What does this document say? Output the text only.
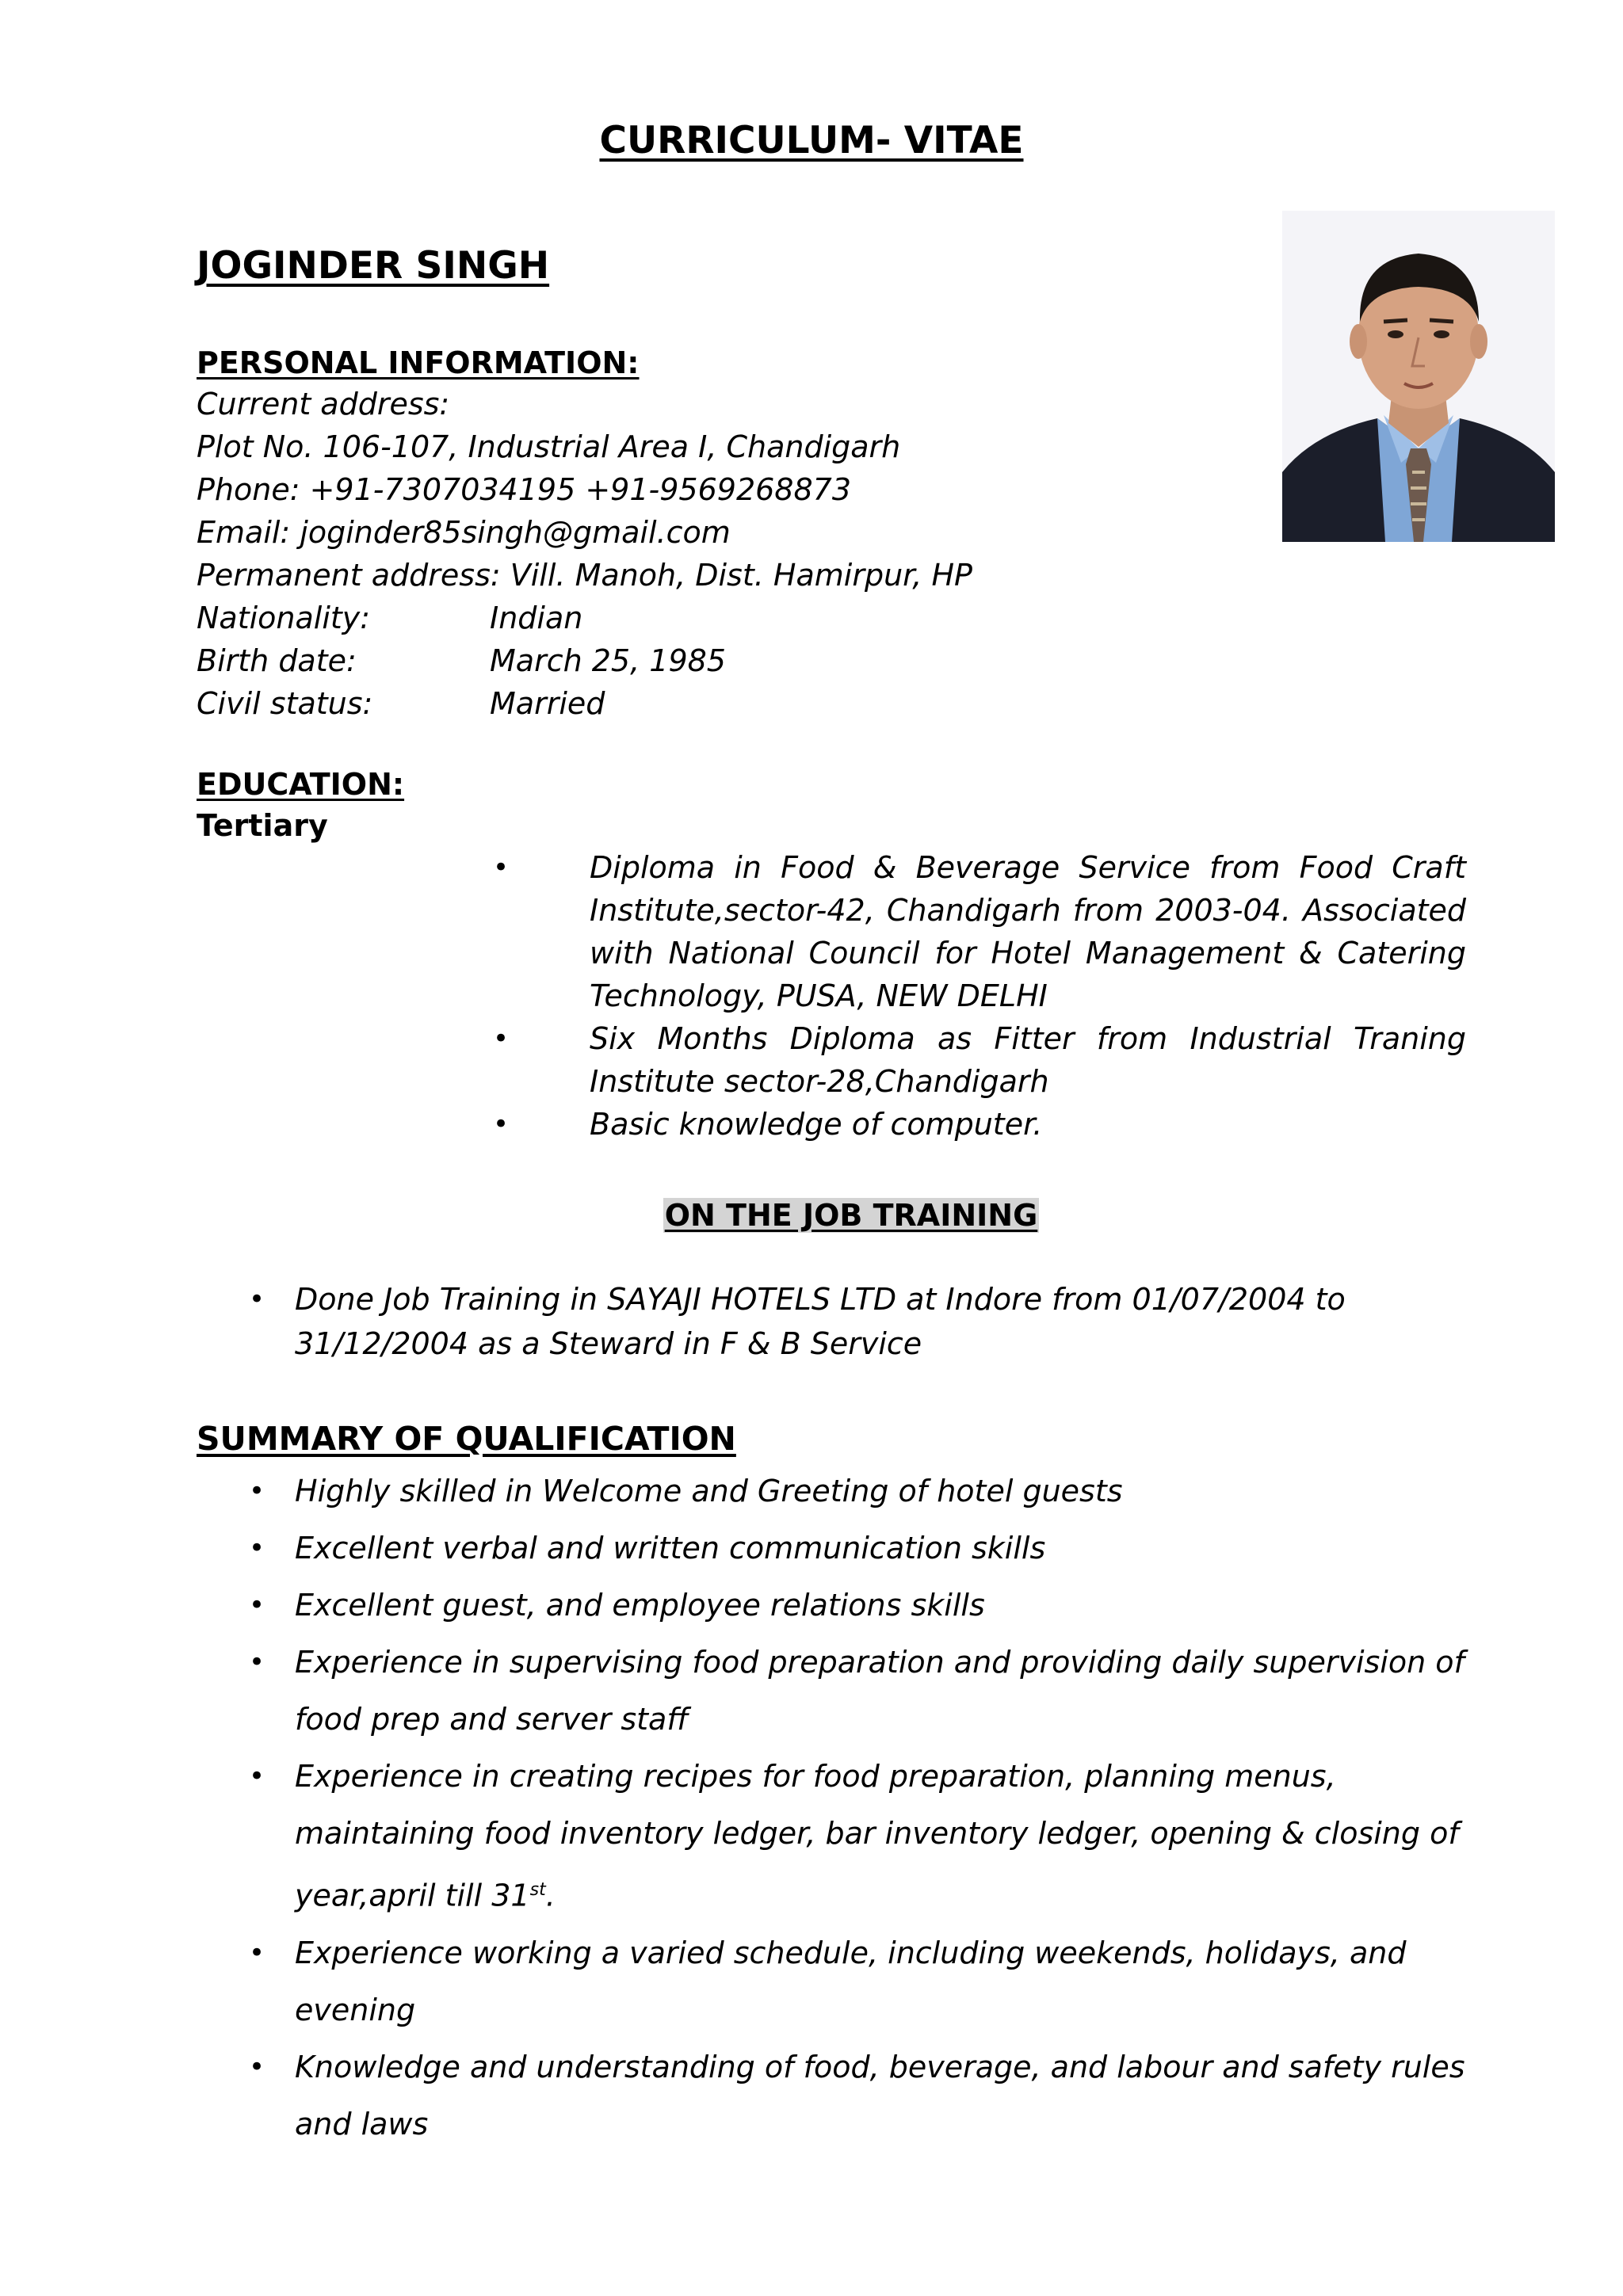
CURRICULUM- VITAE
JOGINDER SINGH
PERSONAL INFORMATION:
Current address:
Plot No. 106-107, Industrial Area I, Chandigarh
Phone: +91-7307034195 +91-9569268873
Email: joginder85singh@gmail.com
Permanent address: Vill. Manoh, Dist. Hamirpur, HP
Nationality:	Indian
Birth date:	March 25, 1985
Civil status:	Married
EDUCATION:
Tertiary
•	Diploma in Food & Beverage Service from Food Craft Institute,sector-42, Chandigarh from 2003-04. Associated with National Council for Hotel Management & Catering Technology, PUSA, NEW DELHI
•	Six Months Diploma as Fitter from Industrial Traning Institute sector-28,Chandigarh
•	Basic knowledge of computer.
ON THE JOB TRAINING
• Done Job Training in SAYAJI HOTELS LTD at Indore from 01/07/2004 to 31/12/2004 as a Steward in F & B Service
SUMMARY OF QUALIFICATION
• Highly skilled in Welcome and Greeting of hotel guests
• Excellent verbal and written communication skills
• Excellent guest, and employee relations skills
• Experience in supervising food preparation and providing daily supervision of food prep and server staff
• Experience in creating recipes for food preparation, planning menus, maintaining food inventory ledger, bar inventory ledger, opening & closing of year,april till 31st.
• Experience working a varied schedule, including weekends, holidays, and evening
• Knowledge and understanding of food, beverage, and labour and safety rules and laws
